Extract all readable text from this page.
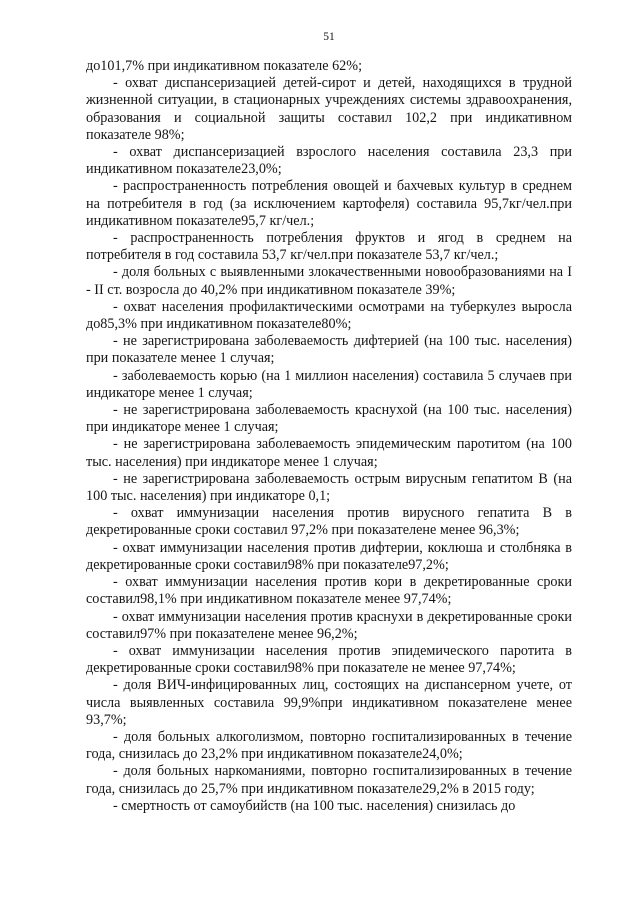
51

до101,7% при индикативном показателе 62%;

- охват диспансеризацией детей-сирот и детей, находящихся в трудной жизненной ситуации, в стационарных учреждениях системы здравоохранения, образования и социальной защиты составил 102,2 при индикативном показателе 98%;

- охват диспансеризацией взрослого населения составила 23,3 при индикативном показателе23,0%;

- распространенность потребления овощей и бахчевых культур в среднем на потребителя в год (за исключением картофеля) составила 95,7кг/чел.при индикативном показателе95,7 кг/чел.;

- распространенность потребления фруктов и ягод в среднем на потребителя в год составила 53,7 кг/чел.при показателе 53,7 кг/чел.;

- доля больных с выявленными злокачественными новообразованиями на I - II ст. возросла до 40,2% при индикативном показателе 39%;

- охват населения профилактическими осмотрами на туберкулез выросла до85,3% при индикативном показателе80%;

- не зарегистрирована заболеваемость дифтерией (на 100 тыс. населения) при показателе менее 1 случая;

- заболеваемость корью (на 1 миллион населения) составила 5 случаев при индикаторе менее 1 случая;

- не зарегистрирована заболеваемость краснухой (на 100 тыс. населения) при индикаторе менее 1 случая;

- не зарегистрирована заболеваемость эпидемическим паротитом (на 100 тыс. населения) при индикаторе менее 1 случая;

- не зарегистрирована заболеваемость острым вирусным гепатитом В (на 100 тыс. населения) при индикаторе 0,1;

- охват иммунизации населения против вирусного гепатита В в декретированные сроки составил 97,2% при показателене менее 96,3%;

- охват иммунизации населения против дифтерии, коклюша и столбняка в декретированные сроки составил98% при показателе97,2%;

- охват иммунизации населения против кори в декретированные сроки составил98,1% при индикативном показателе менее 97,74%;

- охват иммунизации населения против краснухи в декретированные сроки составил97% при показателене менее 96,2%;

- охват иммунизации населения против эпидемического паротита в декретированные сроки составил98% при показателе не менее 97,74%;

- доля ВИЧ-инфицированных лиц, состоящих на диспансерном учете, от числа выявленных составила 99,9%при индикативном показателене менее 93,7%;

- доля больных алкоголизмом, повторно госпитализированных в течение года, снизилась до 23,2% при индикативном показателе24,0%;

- доля больных наркоманиями, повторно госпитализированных в течение года, снизилась до 25,7% при индикативном показателе29,2% в 2015 году;

- смертность от самоубийств (на 100 тыс. населения) снизилась до
